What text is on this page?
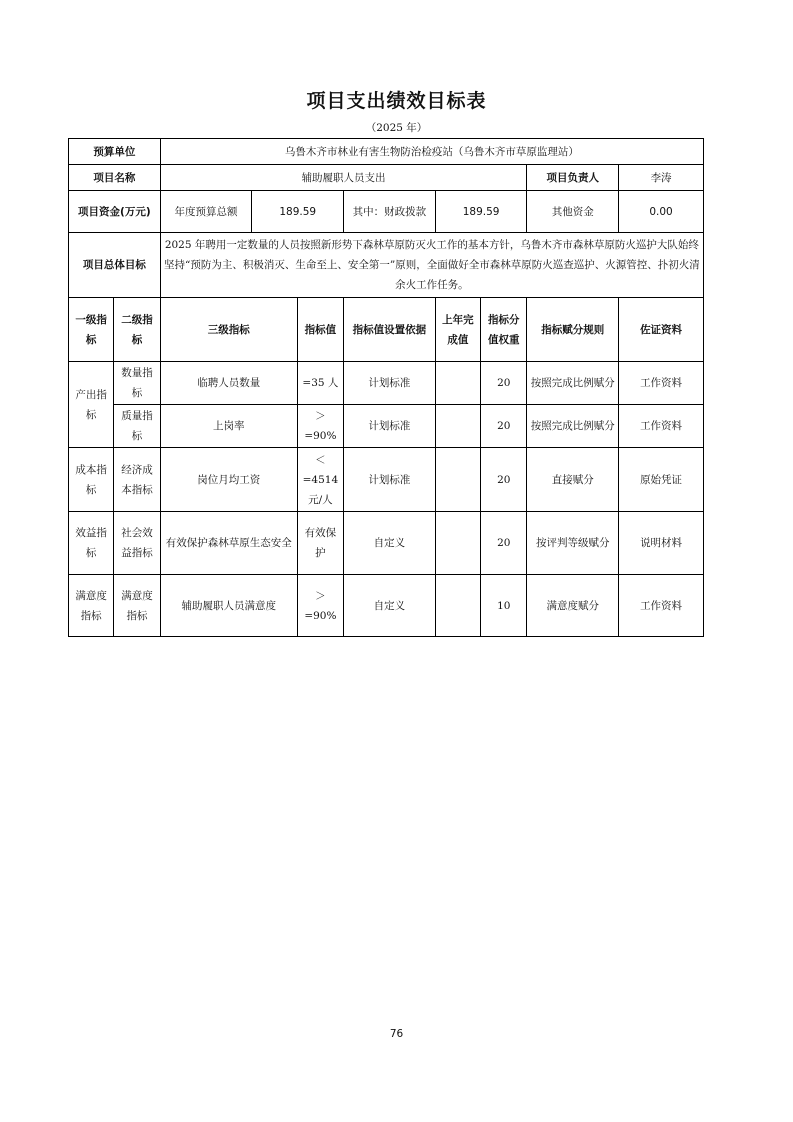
项目支出绩效目标表
（2025 年）
预算单位		乌鲁木齐市林业有害生物防治检疫站（乌鲁木齐市草原监理站）							
项目名称		辅助履职人员支出						项目负责人	李涛
项目资金(万元)		年度预算总额	189.59		其中：财政拨款	189.59		其他资金	0.00
项目总体目标		2025 年聘用一定数量的人员按照新形势下森林草原防灭火工作的基本方针，乌鲁木齐市森林草原防火巡护大队始终坚持“预防为主、积极消灭、生命至上、安全第一”原则，全面做好全市森林草原防火巡查巡护、火源管控、扑初火清余火工作任务。							
一级指标	二级指标	三级指标		指标值	指标值设置依据	上年完成值	指标分值权重	指标赋分规则	佐证资料
产出指标	数量指标	临聘人员数量		=35 人	计划标准		20	按照完成比例赋分	工作资料
	质量指标	上岗率		＞=90%	计划标准		20	按照完成比例赋分	工作资料
成本指标	经济成本指标	岗位月均工资		＜=4514 元/人	计划标准		20	直接赋分	原始凭证
效益指标	社会效益指标	有效保护森林草原生态安全		有效保护	自定义		20	按评判等级赋分	说明材料
满意度指标	满意度指标	辅助履职人员满意度		＞=90%	自定义		10	满意度赋分	工作资料
76
